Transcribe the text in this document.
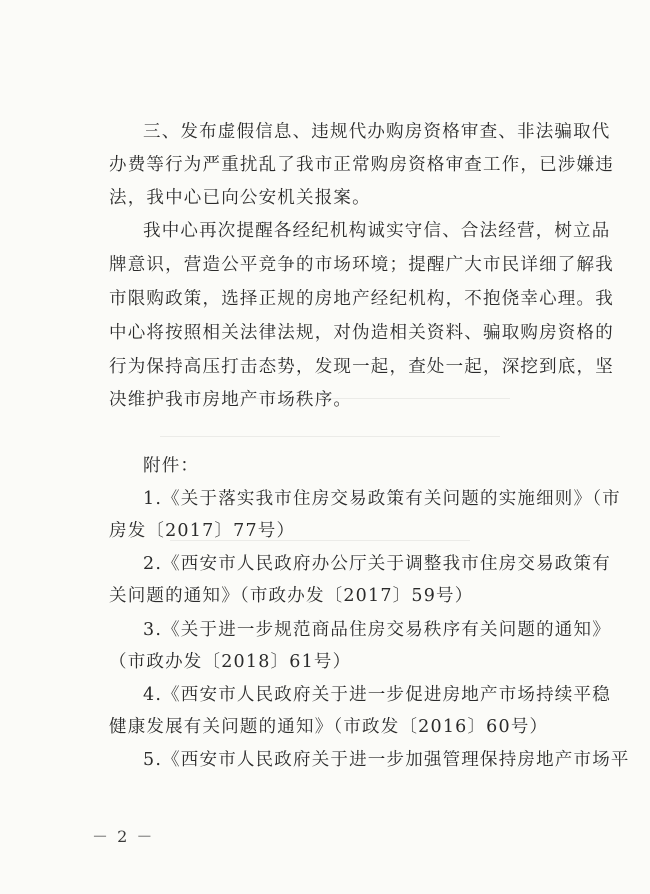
三、发布虚假信息、违规代办购房资格审查、非法骗取代
办费等行为严重扰乱了我市正常购房资格审查工作，已涉嫌违
法，我中心已向公安机关报案。
我中心再次提醒各经纪机构诚实守信、合法经营，树立品
牌意识，营造公平竞争的市场环境；提醒广大市民详细了解我
市限购政策，选择正规的房地产经纪机构，不抱侥幸心理。我
中心将按照相关法律法规，对伪造相关资料、骗取购房资格的
行为保持高压打击态势，发现一起，查处一起，深挖到底，坚
决维护我市房地产市场秩序。
附件：
1.《关于落实我市住房交易政策有关问题的实施细则》（市
房发〔2017〕77号）
2.《西安市人民政府办公厅关于调整我市住房交易政策有
关问题的通知》（市政办发〔2017〕59号）
3.《关于进一步规范商品住房交易秩序有关问题的通知》
（市政办发〔2018〕61号）
4.《西安市人民政府关于进一步促进房地产市场持续平稳
健康发展有关问题的通知》（市政发〔2016〕60号）
5.《西安市人民政府关于进一步加强管理保持房地产市场平
－ 2 －
